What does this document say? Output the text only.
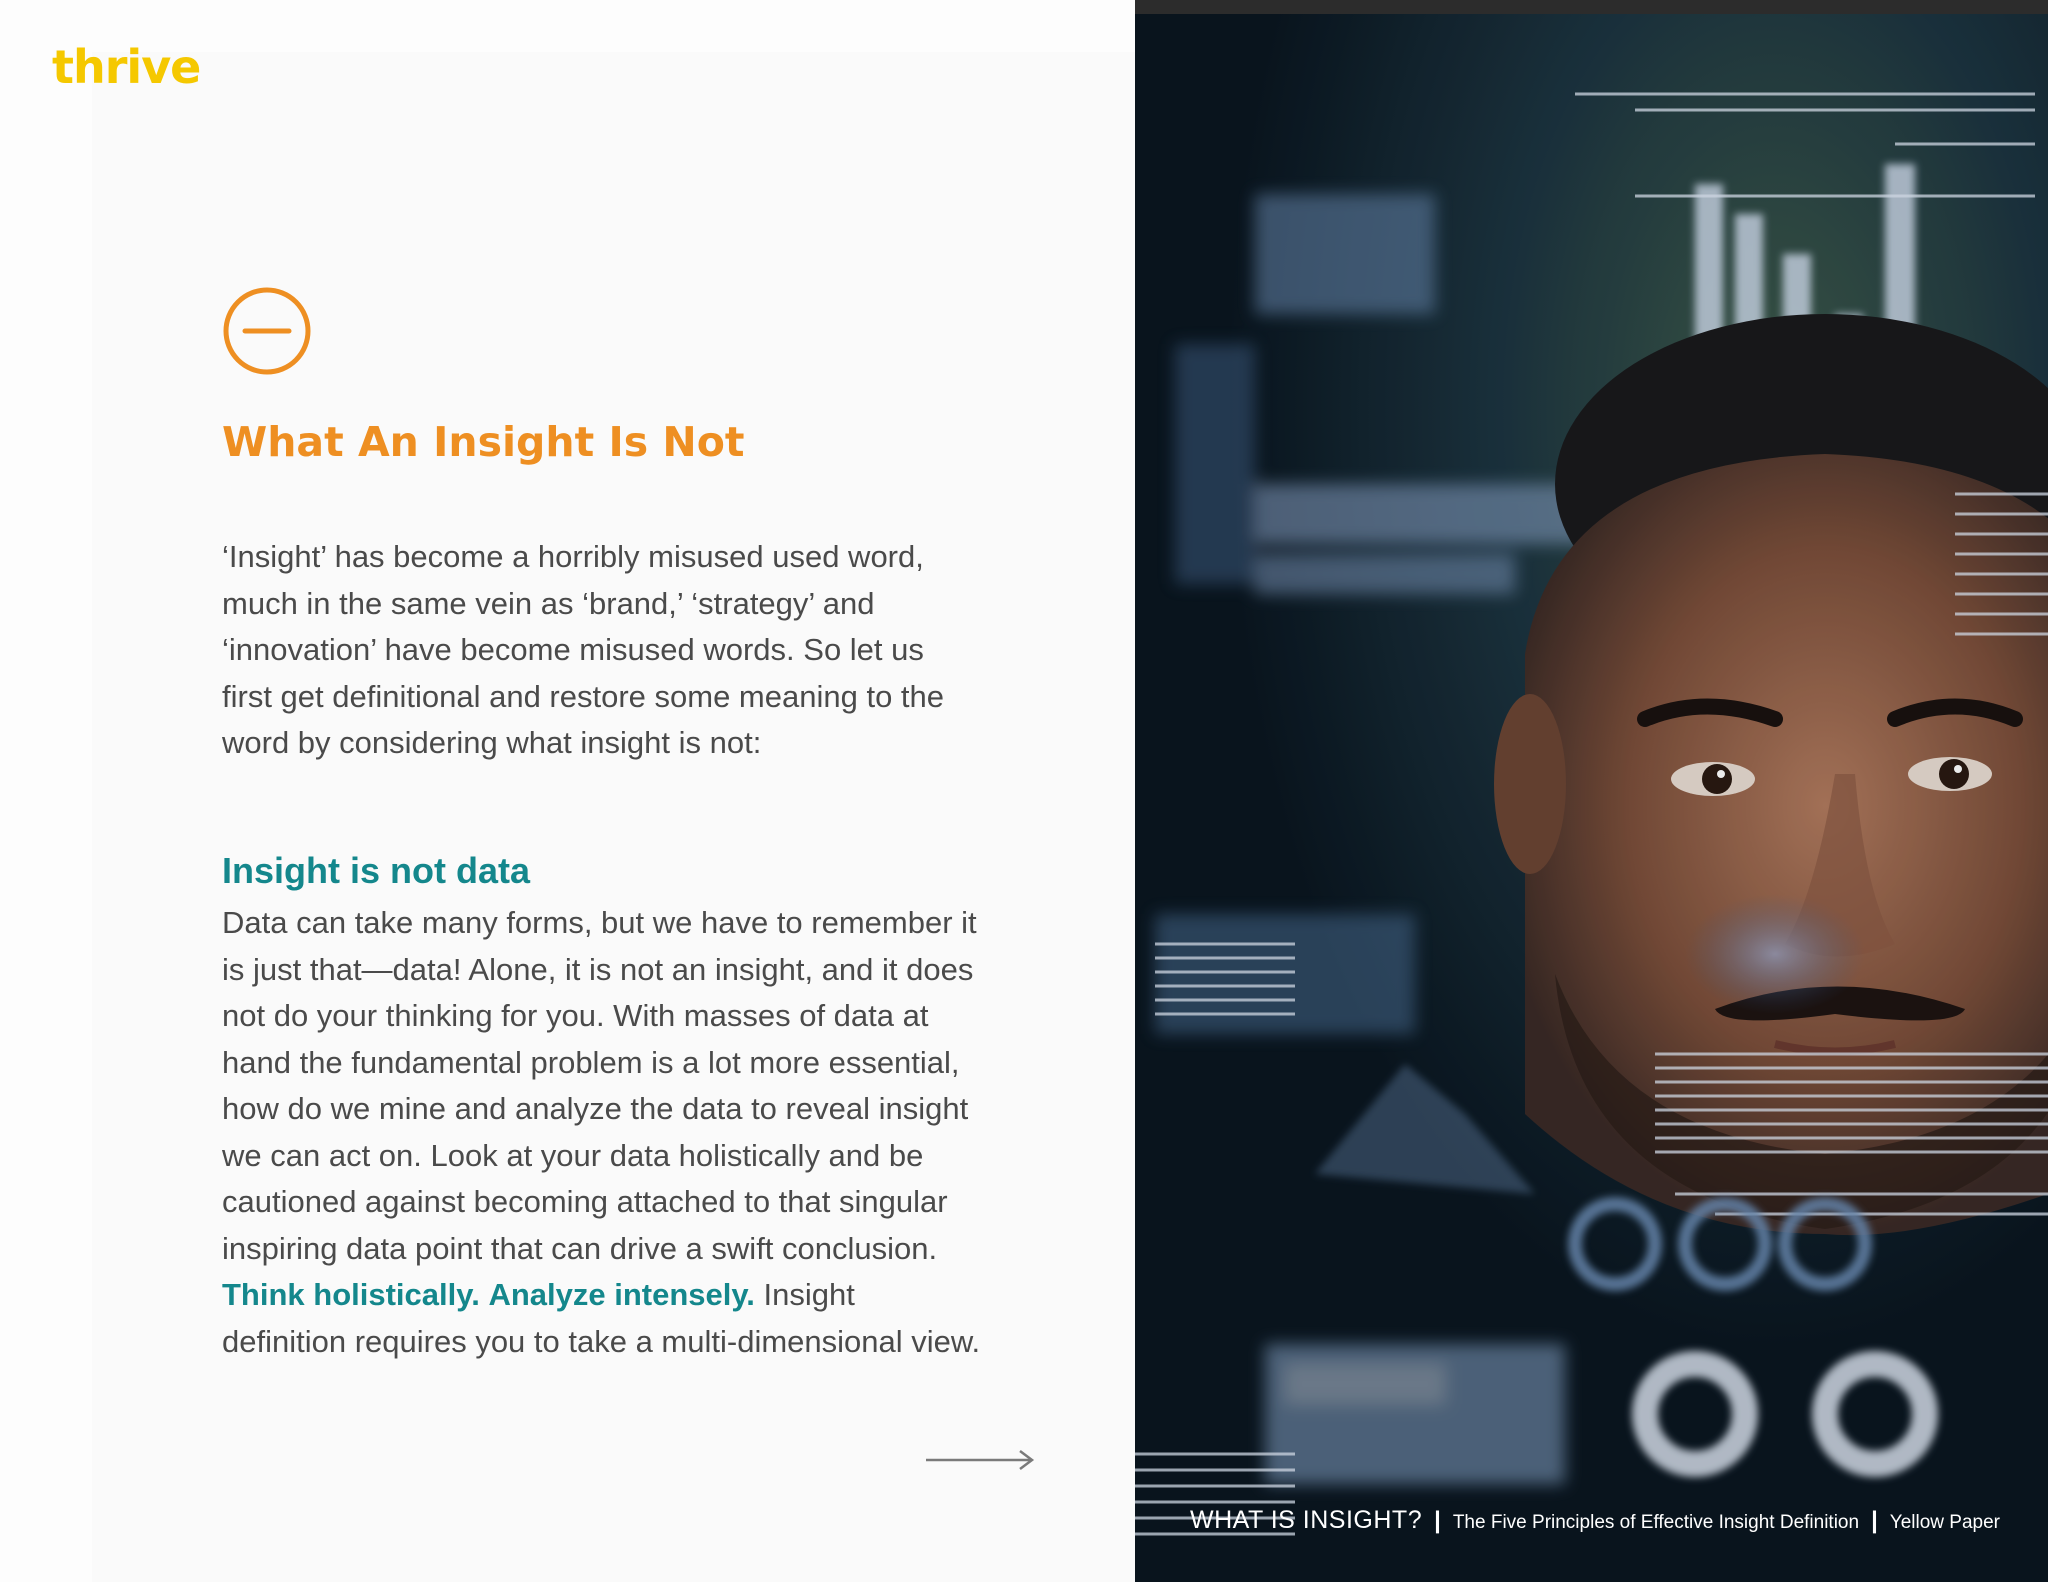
thrive
What An Insight Is Not

‘Insight’ has become a horribly misused used word, much in the same vein as ‘brand,’ ‘strategy’ and ‘innovation’ have become misused words. So let us first get definitional and restore some meaning to the word by considering what insight is not:

Insight is not data

Data can take many forms, but we have to remember it is just that—data! Alone, it is not an insight, and it does not do your thinking for you. With masses of data at hand the fundamental problem is a lot more essential, how do we mine and analyze the data to reveal insight we can act on. Look at your data holistically and be cautioned against becoming attached to that singular inspiring data point that can drive a swift conclusion. Think holistically. Analyze intensely. Insight definition requires you to take a multi-dimensional view.

WHAT IS INSIGHT? | The Five Principles of Effective Insight Definition | Yellow Paper
